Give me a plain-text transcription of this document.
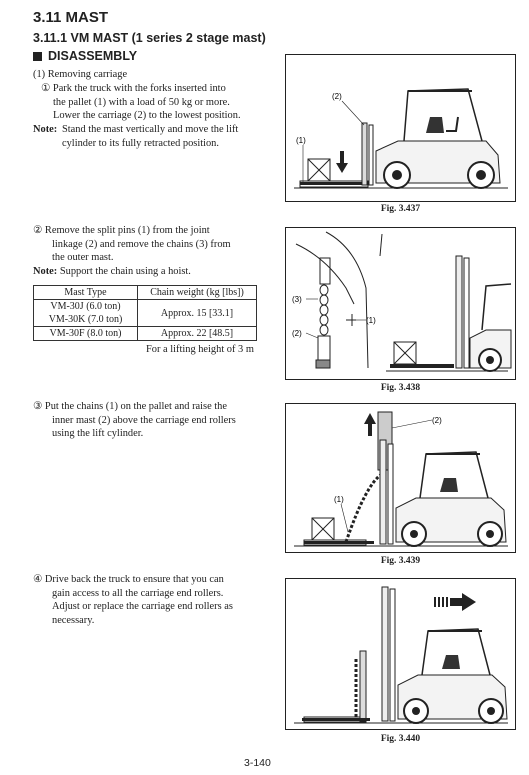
3.11 MAST
3.11.1 VM MAST (1 series 2 stage mast)
DISASSEMBLY
(1) Removing carriage
① Park the truck with the forks inserted into
the pallet (1) with a load of 50 kg or more.
Lower the carriage (2) to the lowest position.
Note: Stand the mast vertically and move the lift
cylinder to its fully retracted position.
② Remove the split pins (1) from the joint
linkage (2) and remove the chains (3) from
the outer mast.
Note: Support the chain using a hoist.
Mast Type	Chain weight (kg [lbs])

VM-30J (6.0 ton)
VM-30K (7.0 ton)	Approx. 15 [33.1]
VM-30F (8.0 ton)	Approx. 22 [48.5]
For a lifting height of 3 m
③ Put the chains (1) on the pallet and raise the
inner mast (2) above the carriage end rollers
using the lift cylinder.
④ Drive back the truck to ensure that you can
gain access to all the carriage end rollers.
Adjust or replace the carriage end rollers as
necessary.
(2)
(1)
Fig. 3.437
(3)
(1)
(2)
Fig. 3.438
(2)
(1)
Fig. 3.439
Fig. 3.440
3-140
